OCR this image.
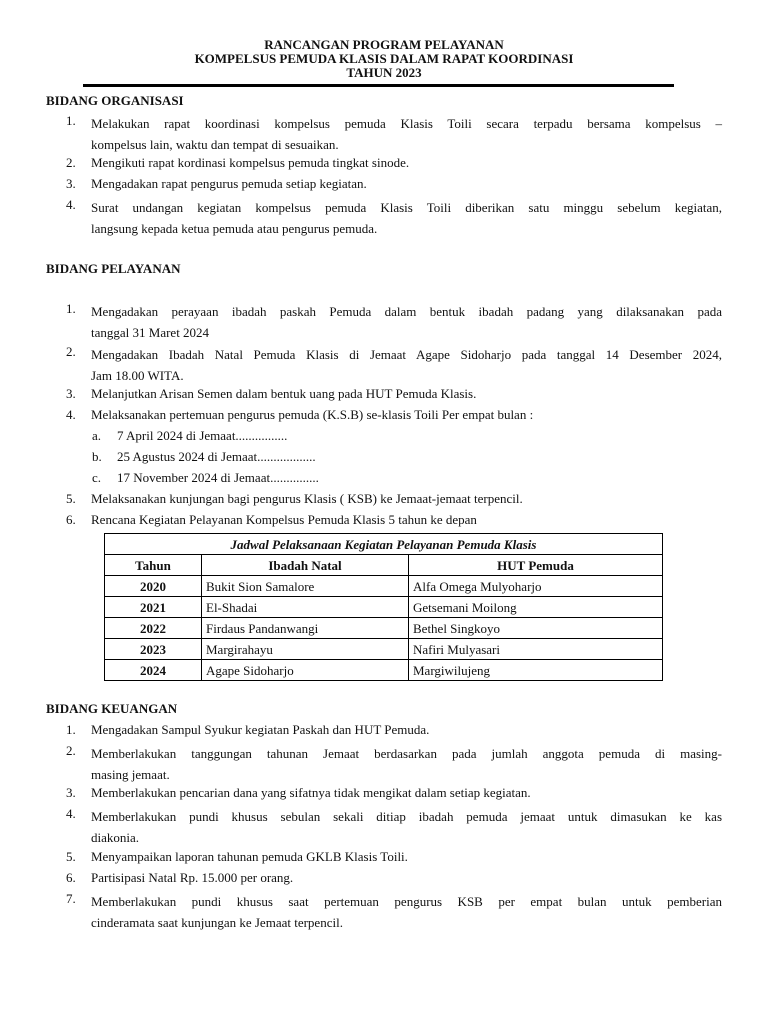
RANCANGAN PROGRAM PELAYANAN
KOMPELSUS PEMUDA KLASIS DALAM RAPAT KOORDINASI
TAHUN 2023
BIDANG ORGANISASI
1. Melakukan rapat koordinasi kompelsus pemuda Klasis Toili secara terpadu bersama kompelsus –
kompelsus lain, waktu dan tempat di sesuaikan.
2. Mengikuti rapat kordinasi kompelsus pemuda tingkat sinode.
3. Mengadakan rapat pengurus pemuda setiap kegiatan.
4. Surat undangan kegiatan kompelsus pemuda Klasis Toili diberikan satu minggu sebelum kegiatan,
langsung kepada ketua pemuda atau pengurus pemuda.
BIDANG PELAYANAN
1. Mengadakan perayaan ibadah paskah Pemuda dalam bentuk ibadah padang yang dilaksanakan pada
tanggal 31 Maret 2024
2. Mengadakan Ibadah Natal Pemuda Klasis di Jemaat Agape Sidoharjo pada tanggal 14 Desember 2024,
Jam 18.00 WITA.
3. Melanjutkan Arisan Semen dalam bentuk uang pada HUT Pemuda Klasis.
4. Melaksanakan pertemuan pengurus pemuda (K.S.B) se-klasis Toili Per empat bulan :
a. 7 April 2024 di Jemaat................
b. 25 Agustus 2024 di Jemaat..................
c. 17 November 2024 di Jemaat...............
5. Melaksanakan kunjungan bagi pengurus Klasis ( KSB) ke Jemaat-jemaat terpencil.
6. Rencana Kegiatan Pelayanan Kompelsus Pemuda Klasis 5 tahun ke depan
Jadwal Pelaksanaan Kegiatan Pelayanan Pemuda Klasis		
Tahun	Ibadah Natal	HUT Pemuda
2020	Bukit Sion Samalore	Alfa Omega Mulyoharjo
2021	El-Shadai	Getsemani Moilong
2022	Firdaus Pandanwangi	Bethel Singkoyo
2023	Margirahayu	Nafiri Mulyasari
2024	Agape Sidoharjo	Margiwilujeng
BIDANG KEUANGAN
1. Mengadakan Sampul Syukur kegiatan Paskah dan HUT Pemuda.
2. Memberlakukan tanggungan tahunan Jemaat berdasarkan pada jumlah anggota pemuda di masing-
masing jemaat.
3. Memberlakukan pencarian dana yang sifatnya tidak mengikat dalam setiap kegiatan.
4. Memberlakukan pundi khusus sebulan sekali ditiap ibadah pemuda jemaat untuk dimasukan ke kas
diakonia.
5. Menyampaikan laporan tahunan pemuda GKLB Klasis Toili.
6. Partisipasi Natal Rp. 15.000 per orang.
7. Memberlakukan pundi khusus saat pertemuan pengurus KSB per empat bulan untuk pemberian
cinderamata saat kunjungan ke Jemaat terpencil.
